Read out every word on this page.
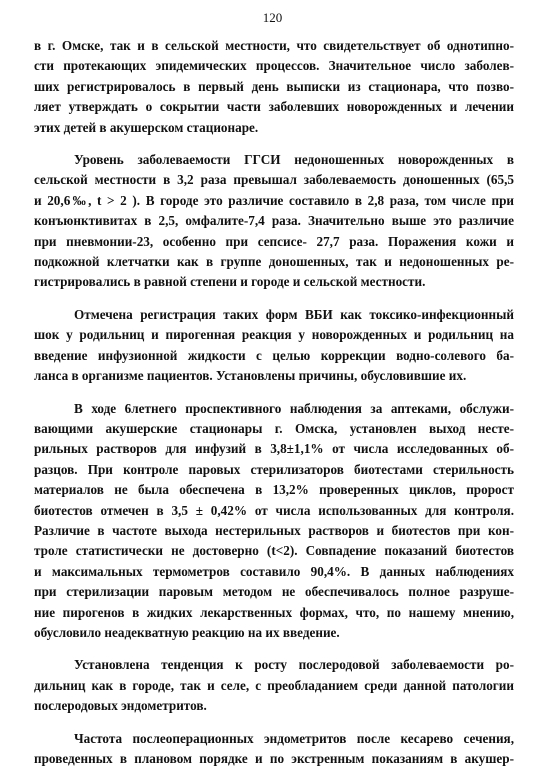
120

в г. Омске, так и в сельской местности, что свидетельствует об однотипно-
сти протекающих эпидемических процессов. Значительное число заболев-
ших регистрировалось в первый день выписки из стационара, что позво-
ляет утверждать о сокрытии части заболевших новорожденных и лечении
этих детей в акушерском стационаре.

Уровень заболеваемости ГГСИ недоношенных новорожденных в
сельской местности в 3,2 раза превышал заболеваемость доношенных (65,5
и 20,6‰, t > 2 ). В городе это различие составило в 2,8 раза, том числе при
конъюнктивитах в 2,5, омфалите-7,4 раза. Значительно выше это различие
при пневмонии-23, особенно при сепсисе- 27,7 раза. Поражения кожи и
подкожной клетчатки как в группе доношенных, так и недоношенных ре-
гистрировались в равной степени и городе и сельской местности.

Отмечена регистрация таких форм ВБИ как токсико-инфекционный
шок у родильниц и пирогенная реакция у новорожденных и родильниц на
введение инфузионной жидкости с целью коррекции водно-солевого ба-
ланса в организме пациентов. Установлены причины, обусловившие их.

В ходе 6летнего проспективного наблюдения за аптеками, обслужи-
вающими акушерские стационары г. Омска, установлен выход несте-
рильных растворов для инфузий в 3,8±1,1% от числа исследованных об-
разцов. При контроле паровых стерилизаторов биотестами стерильность
материалов не была обеспечена в 13,2% проверенных циклов, пророст
биотестов отмечен в 3,5 ± 0,42% от числа использованных для контроля.
Различие в частоте выхода нестерильных растворов и биотестов при кон-
троле статистически не достоверно (t<2). Совпадение показаний биотестов
и максимальных термометров составило 90,4%. В данных наблюдениях
при стерилизации паровым методом не обеспечивалось полное разруше-
ние пирогенов в жидких лекарственных формах, что, по нашему мнению,
обусловило неадекватную реакцию на их введение.

Установлена тенденция к росту послеродовой заболеваемости ро-
дильниц как в городе, так и селе, с преобладанием среди данной патологии
послеродовых эндометритов.

Частота послеоперационных эндометритов после кесарево сечения,
проведенных в плановом порядке и по экстренным показаниям в акушер-
